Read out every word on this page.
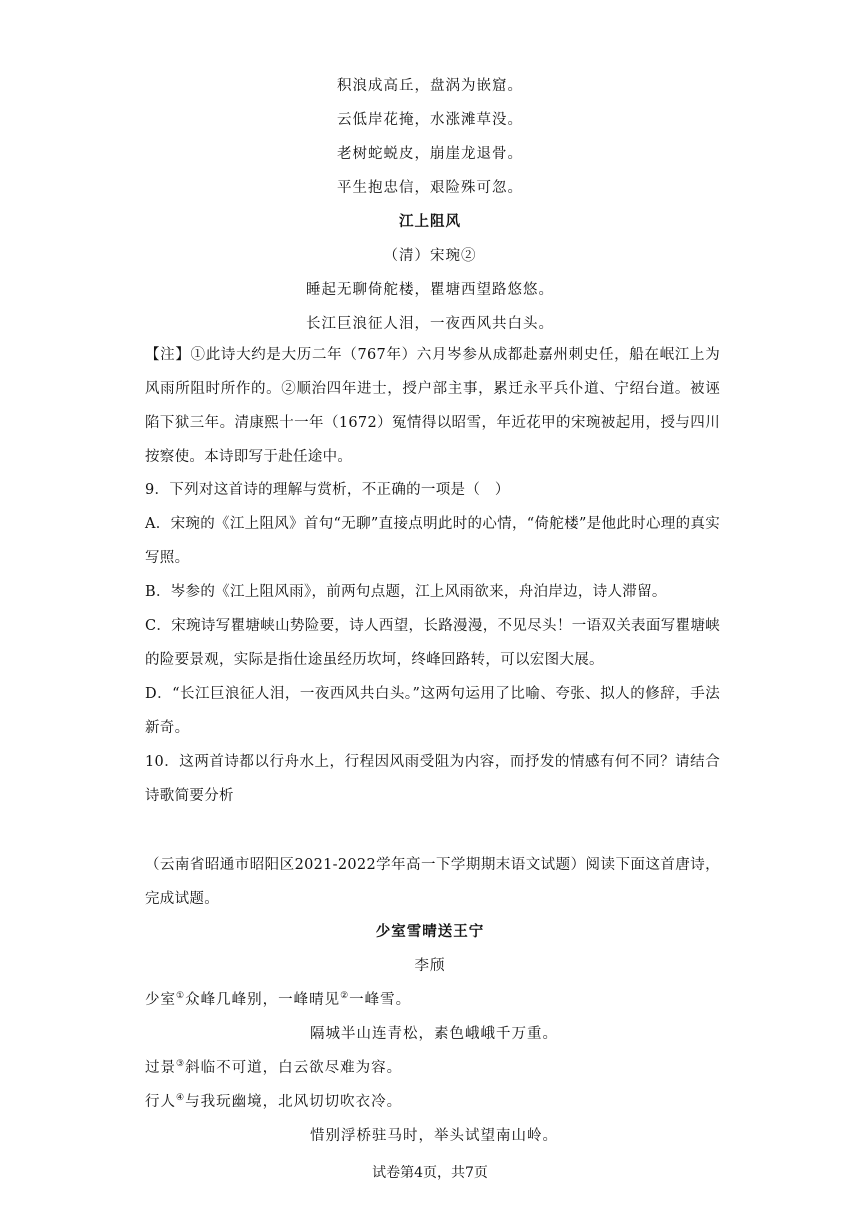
积浪成高丘，盘涡为嵌窟。
云低岸花掩，水涨滩草没。
老树蛇蜕皮，崩崖龙退骨。
平生抱忠信，艰险殊可忽。
江上阻风
（清）宋琬②
睡起无聊倚舵楼，瞿塘西望路悠悠。
长江巨浪征人泪，一夜西风共白头。
【注】①此诗大约是大历二年（767年）六月岑参从成都赴嘉州刺史任，船在岷江上为风雨所阻时所作的。②顺治四年进士，授户部主事，累迁永平兵仆道、宁绍台道。被诬陷下狱三年。清康熙十一年（1672）冤情得以昭雪，年近花甲的宋琬被起用，授与四川按察使。本诗即写于赴任途中。
9．下列对这首诗的理解与赏析，不正确的一项是（　）
A．宋琬的《江上阻风》首句“无聊”直接点明此时的心情，“倚舵楼”是他此时心理的真实写照。
B．岑参的《江上阻风雨》，前两句点题，江上风雨欲来，舟泊岸边，诗人滞留。
C．宋琬诗写瞿塘峡山势险要，诗人西望，长路漫漫，不见尽头！一语双关表面写瞿塘峡的险要景观，实际是指仕途虽经历坎坷，终峰回路转，可以宏图大展。
D．“长江巨浪征人泪，一夜西风共白头。”这两句运用了比喻、夸张、拟人的修辞，手法新奇。
10．这两首诗都以行舟水上，行程因风雨受阻为内容，而抒发的情感有何不同？请结合诗歌简要分析
（云南省昭通市昭阳区2021-2022学年高一下学期期末语文试题）阅读下面这首唐诗，完成试题。
少室雪晴送王宁
李颀
少室①众峰几峰别，一峰晴见②一峰雪。
隔城半山连青松，素色峨峨千万重。
过景③斜临不可道，白云欲尽难为容。
行人④与我玩幽境，北风切切吹衣冷。
惜别浮桥驻马时，举头试望南山岭。
试卷第4页，共7页
